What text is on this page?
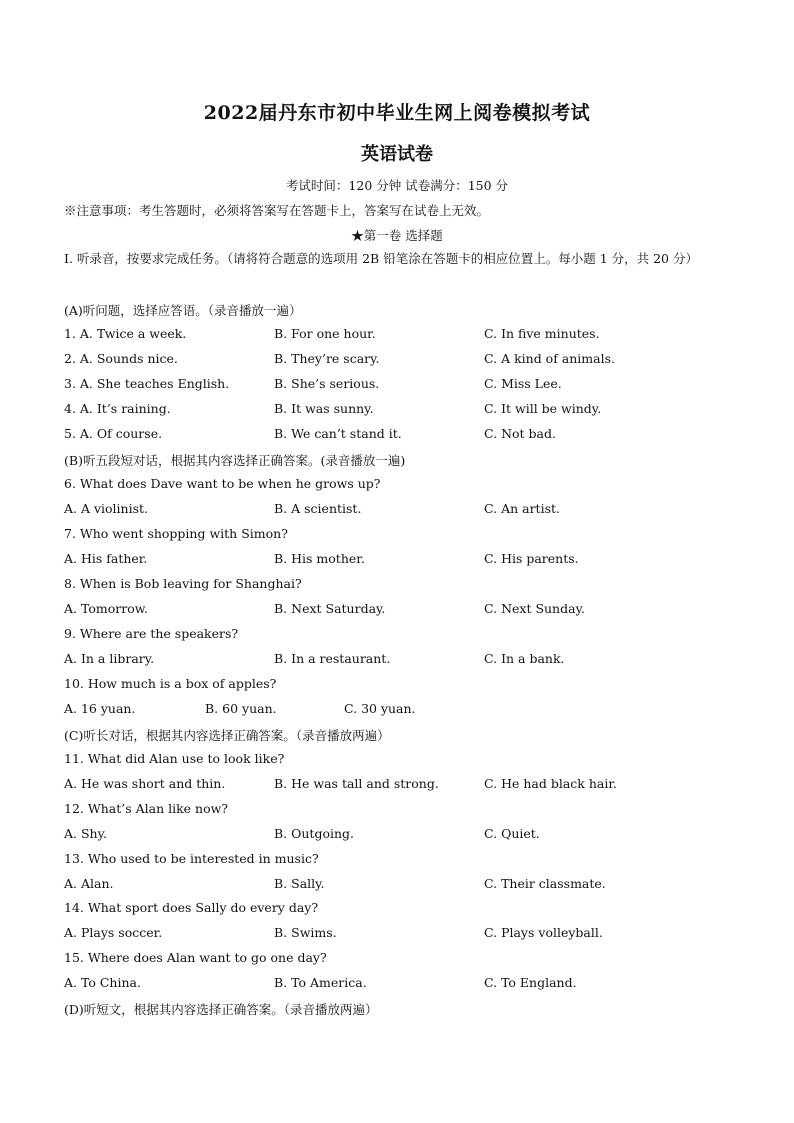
2022届丹东市初中毕业生网上阅卷模拟考试
英语试卷
考试时间：120 分钟 试卷满分：150 分
※注意事项：考生答题时，必须将答案写在答题卡上，答案写在试卷上无效。
★第一卷 选择题
Ⅰ. 听录音，按要求完成任务。（请将符合题意的选项用 2B 铅笔涂在答题卡的相应位置上。每小题 1 分，共 20 分）
(A)听问题，选择应答语。（录音播放一遍）
1. A. Twice a week.	B. For one hour.	C. In five minutes.
2. A. Sounds nice.	B. They’re scary.	C. A kind of animals.
3. A. She teaches English.	B. She’s serious.	C. Miss Lee.
4. A. It’s raining.	B. It was sunny.	C. It will be windy.
5. A. Of course.	B. We can’t stand it.	C. Not bad.
(B)听五段短对话，根据其内容选择正确答案。(录音播放一遍)
6. What does Dave want to be when he grows up?
A. A violinist.	B. A scientist.	C. An artist.
7. Who went shopping with Simon?
A. His father.	B. His mother.	C. His parents.
8. When is Bob leaving for Shanghai?
A. Tomorrow.	B. Next Saturday.	C. Next Sunday.
9. Where are the speakers?
A. In a library.	B. In a restaurant.	C. In a bank.
10. How much is a box of apples?
A. 16 yuan.	B. 60 yuan.	C. 30 yuan.
(C)听长对话，根据其内容选择正确答案。（录音播放两遍）
11. What did Alan use to look like?
A. He was short and thin.	B. He was tall and strong.	C. He had black hair.
12. What’s Alan like now?
A. Shy.	B. Outgoing.	C. Quiet.
13. Who used to be interested in music?
A. Alan.	B. Sally.	C. Their classmate.
14. What sport does Sally do every day?
A. Plays soccer.	B. Swims.	C. Plays volleyball.
15. Where does Alan want to go one day?
A. To China.	B. To America.	C. To England.
(D)听短文，根据其内容选择正确答案。（录音播放两遍）
